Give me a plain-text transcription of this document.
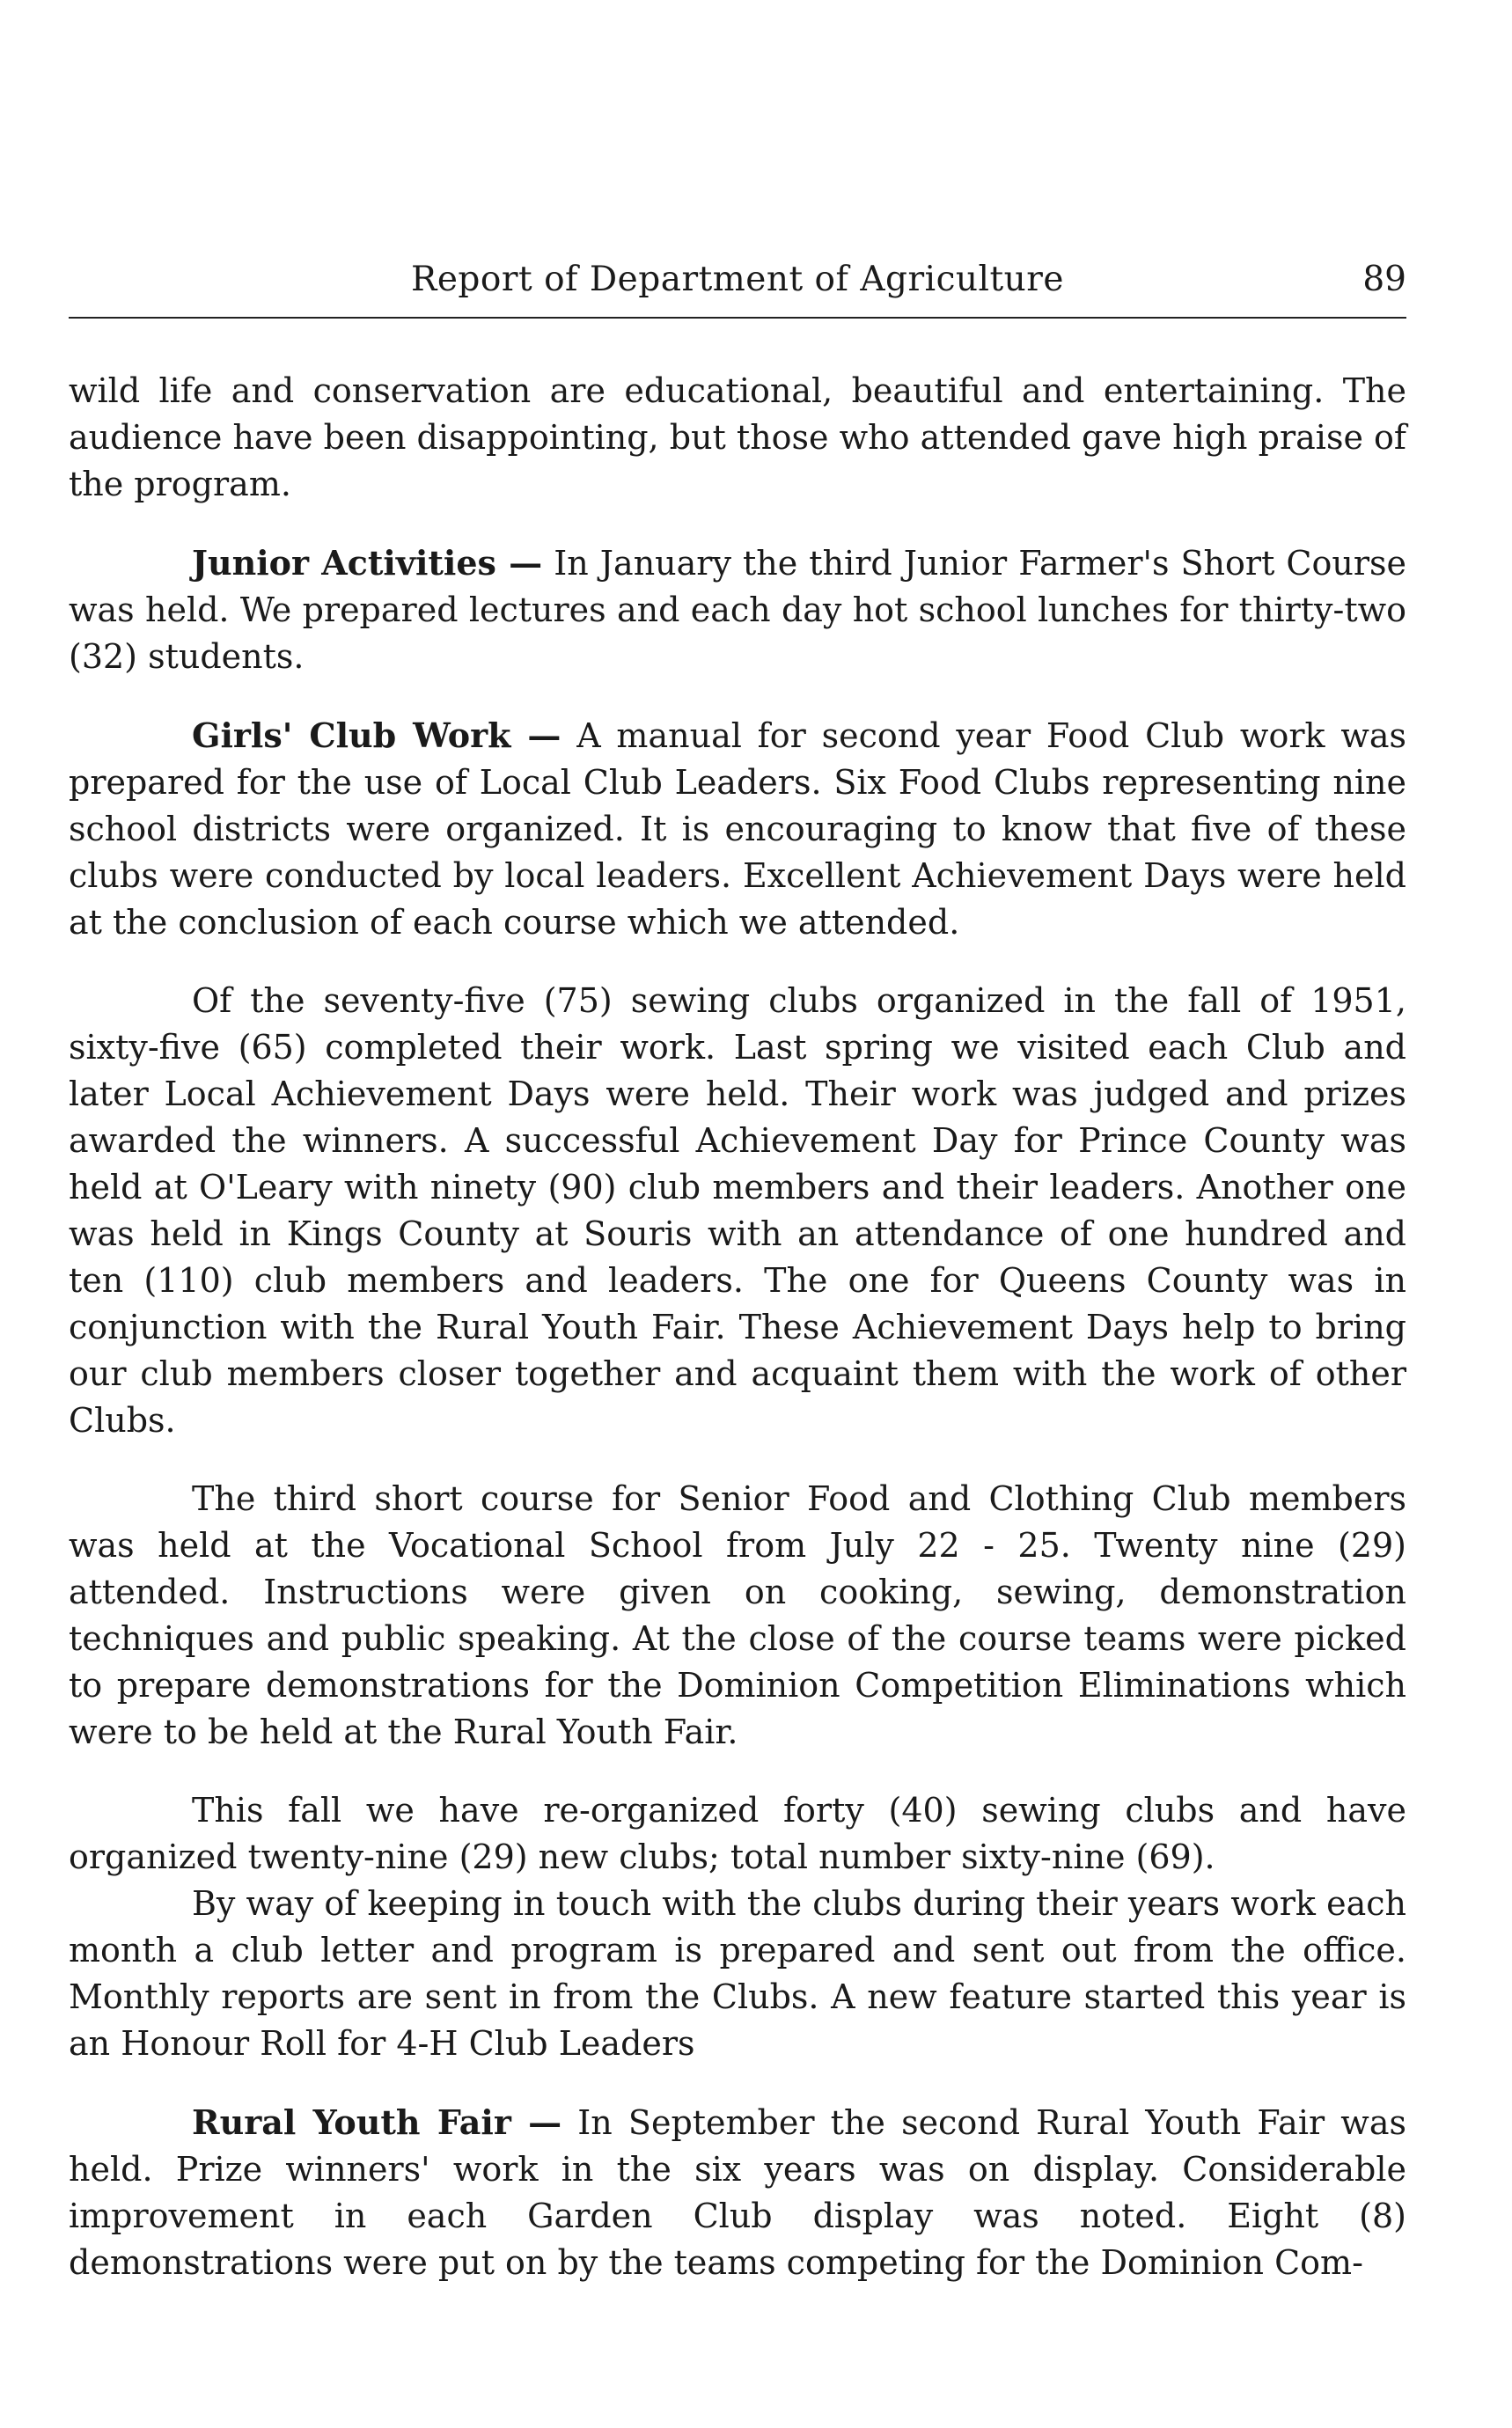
Report of Department of Agriculture	89

wild life and conservation are educational, beautiful and entertaining. The audience have been disappointing, but those who attended gave high praise of the program.

Junior Activities — In January the third Junior Farmer's Short Course was held. We prepared lectures and each day hot school lunches for thirty-two (32) students.

Girls' Club Work — A manual for second year Food Club work was prepared for the use of Local Club Leaders. Six Food Clubs representing nine school districts were organized. It is encouraging to know that five of these clubs were conducted by local leaders. Excellent Achievement Days were held at the conclusion of each course which we attended.

Of the seventy-five (75) sewing clubs organized in the fall of 1951, sixty-five (65) completed their work. Last spring we visited each Club and later Local Achievement Days were held. Their work was judged and prizes awarded the winners. A successful Achievement Day for Prince County was held at O'Leary with ninety (90) club members and their leaders. Another one was held in Kings County at Souris with an attendance of one hundred and ten (110) club members and leaders. The one for Queens County was in conjunction with the Rural Youth Fair. These Achievement Days help to bring our club members closer together and acquaint them with the work of other Clubs.

The third short course for Senior Food and Clothing Club members was held at the Vocational School from July 22 - 25. Twenty nine (29) attended. Instructions were given on cooking, sewing, demonstration techniques and public speaking. At the close of the course teams were picked to prepare demonstrations for the Dominion Competition Eliminations which were to be held at the Rural Youth Fair.

This fall we have re-organized forty (40) sewing clubs and have organized twenty-nine (29) new clubs; total number sixty-nine (69).

By way of keeping in touch with the clubs during their years work each month a club letter and program is prepared and sent out from the office. Monthly reports are sent in from the Clubs. A new feature started this year is an Honour Roll for 4-H Club Leaders

Rural Youth Fair — In September the second Rural Youth Fair was held. Prize winners' work in the six years was on display. Considerable improvement in each Garden Club display was noted. Eight (8) demonstrations were put on by the teams competing for the Dominion Com-
